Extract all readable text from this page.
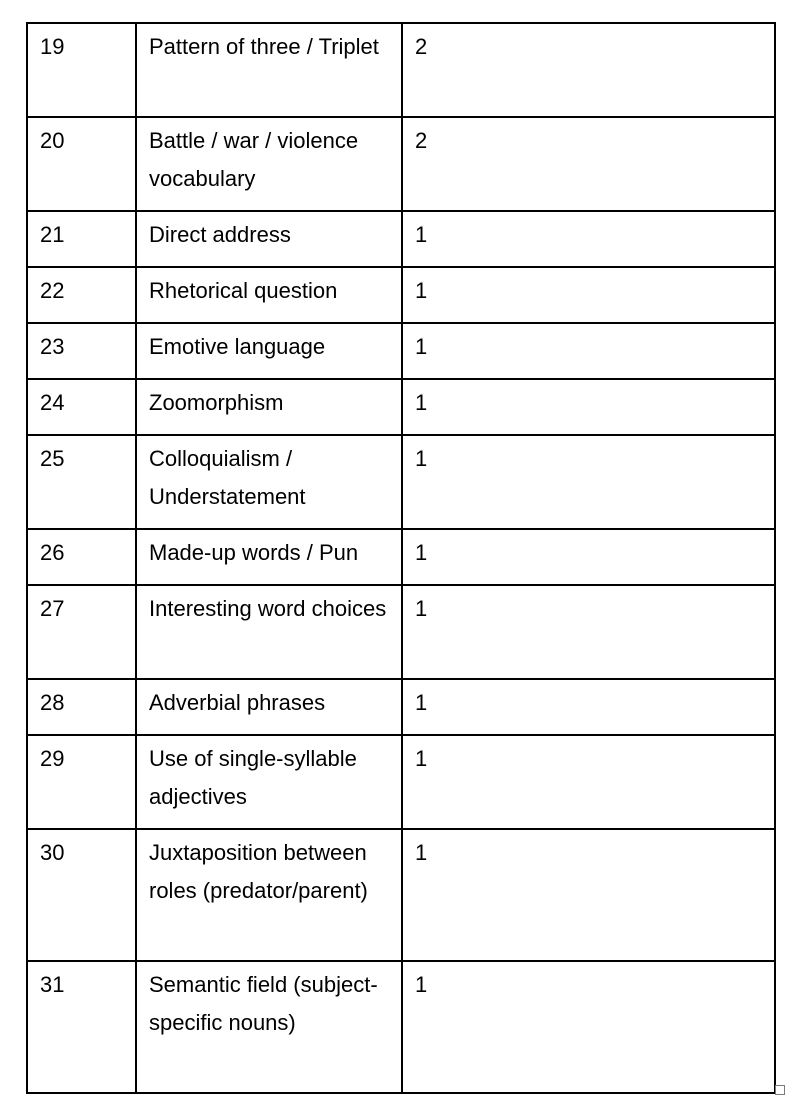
19	Pattern of three / Triplet	2
20	Battle / war / violence vocabulary	2
21	Direct address	1
22	Rhetorical question	1
23	Emotive language	1
24	Zoomorphism	1
25	Colloquialism / Understatement	1
26	Made-up words / Pun	1
27	Interesting word choices	1
28	Adverbial phrases	1
29	Use of single-syllable adjectives	1
30	Juxtaposition between roles (predator/parent)	1
31	Semantic field (subject-specific nouns)	1
